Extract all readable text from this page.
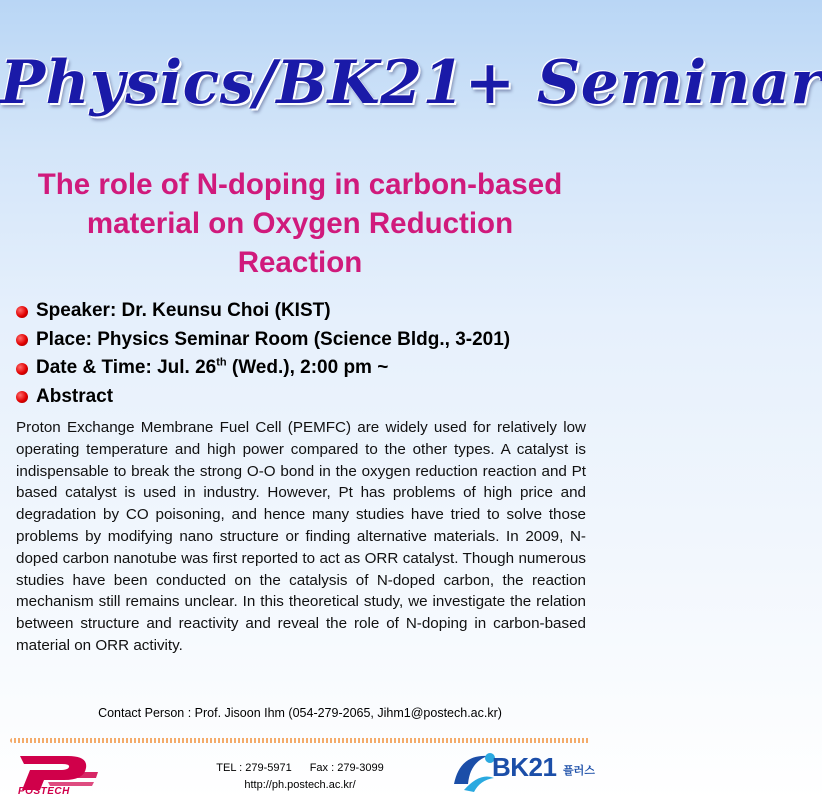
Physics/BK21+ Seminar
The role of N-doping in carbon-based material on Oxygen Reduction Reaction
Speaker: Dr. Keunsu Choi (KIST)
Place: Physics Seminar Room (Science Bldg., 3-201)
Date & Time: Jul. 26th (Wed.), 2:00 pm ~
Abstract

Proton Exchange Membrane Fuel Cell (PEMFC) are widely used for relatively low operating temperature and high power compared to the other types. A catalyst is indispensable to break the strong O-O bond in the oxygen reduction reaction and Pt based catalyst is used in industry. However, Pt has problems of high price and degradation by CO poisoning, and hence many studies have tried to solve those problems by modifying nano structure or finding alternative materials. In 2009, N-doped carbon nanotube was first reported to act as ORR catalyst. Though numerous studies have been conducted on the catalysis of N-doped carbon, the reaction mechanism still remains unclear. In this theoretical study, we investigate the relation between structure and reactivity and reveal the role of N-doping in carbon-based material on ORR activity.

Contact Person : Prof. Jisoon Ihm (054-279-2065, Jihm1@postech.ac.kr)
POSTECH
TEL : 279-5971 Fax : 279-3099
http://ph.postech.ac.kr/
BK21 플러스
